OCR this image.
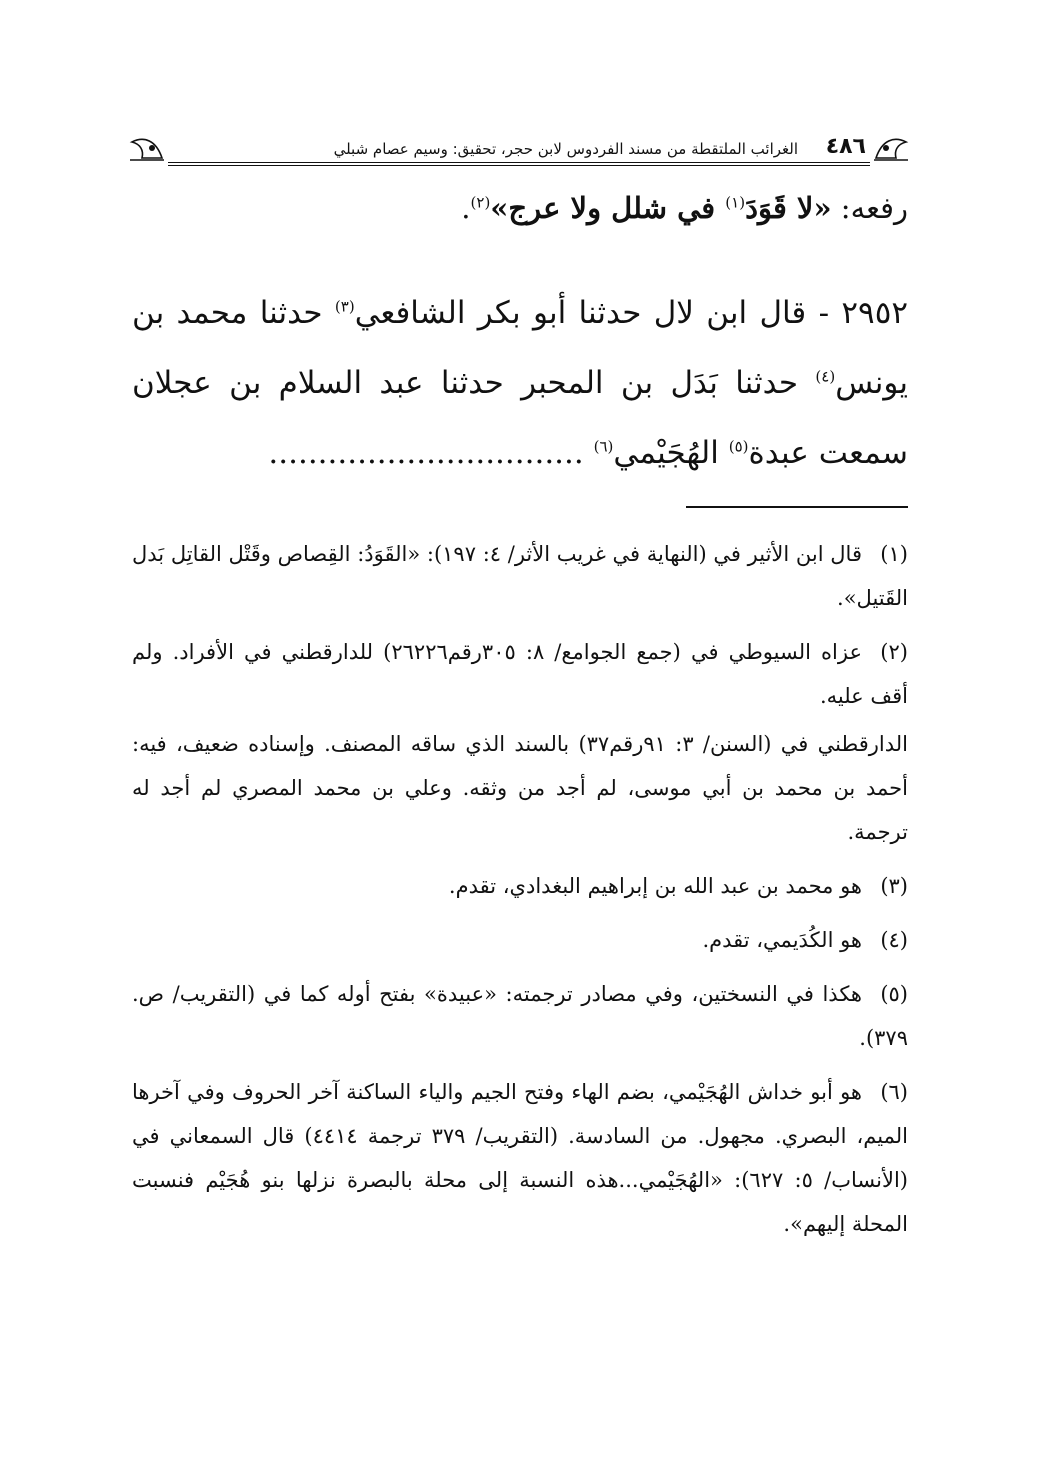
٤٨٦
الغرائب الملتقطة من مسند الفردوس لابن حجر، تحقيق: وسيم عصام شبلي

رفعه: «لا قَوَدَ$^{(١)}$ في شلل ولا عرج»$^{(٢)}$.

٢٩٥٢ - قال ابن لال حدثنا أبو بكر الشافعي$^{(٣)}$ حدثنا محمد بن يونس$^{(٤)}$ حدثنا بَدَل بن المحبر حدثنا عبد السلام بن عجلان سمعت عبدة$^{(٥)}$ الهُجَيْمي$^{(٦)}$ ................................

(١)قال ابن الأثير في (النهاية في غريب الأثر/ ٤: ١٩٧): «القَوَدُ: القِصاص وقَتْل القاتِل بَدل القَتيل».

(٢)عزاه السيوطي في (جمع الجوامع/ ٨: ٣٠٥رقم٢٦٢٢٦) للدارقطني في الأفراد. ولم أقف عليه.

الدارقطني في (السنن/ ٣: ٩١رقم٣٧) بالسند الذي ساقه المصنف. وإسناده ضعيف، فيه: أحمد بن محمد بن أبي موسى، لم أجد من وثقه. وعلي بن محمد المصري لم أجد له ترجمة.

(٣)هو محمد بن عبد الله بن إبراهيم البغدادي، تقدم.

(٤)هو الكُدَيمي، تقدم.

(٥)هكذا في النسختين، وفي مصادر ترجمته: «عبيدة» بفتح أوله كما في (التقريب/ ص. ٣٧٩).

(٦)هو أبو خداش الهُجَيْمي، بضم الهاء وفتح الجيم والياء الساكنة آخر الحروف وفي آخرها الميم، البصري. مجهول. من السادسة. (التقريب/ ٣٧٩ ترجمة ٤٤١٤) قال السمعاني في (الأنساب/ ٥: ٦٢٧): «الهُجَيْمي...هذه النسبة إلى محلة بالبصرة نزلها بنو هُجَيْم فنسبت المحلة إليهم».
